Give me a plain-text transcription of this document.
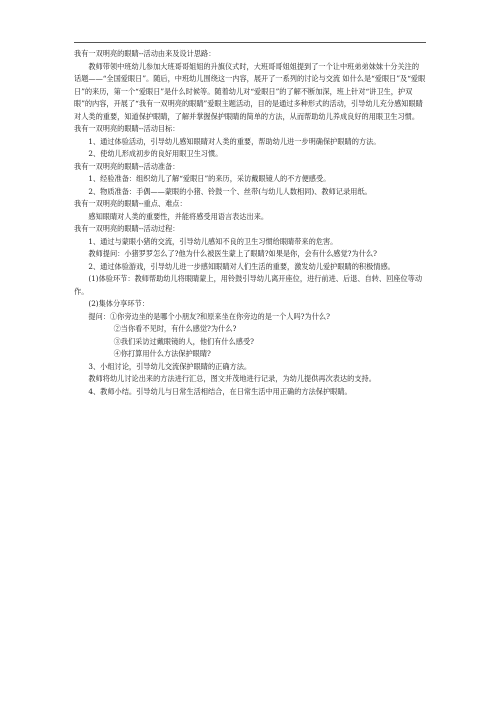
我有一双明亮的眼睛--活动由来及设计思路：

教师带领中班幼儿参加大班哥哥姐姐的升旗仪式时，大班哥哥姐姐提到了一个让中班弟弟妹妹十分关注的话题——“全国爱眼日”。随后，中班幼儿围绕这一内容，展开了一系列的讨论与交流 如什么是“爱眼日”及“爱眼日”的来历，第一个“爱眼日”是什么时候等。随着幼儿对“爱眼日”的了解不断加深，班上针对“讲卫生，护双眼”的内容，开展了“我有一双明亮的眼睛”爱眼主题活动，目的是通过多种形式的活动，引导幼儿充分感知眼睛对人类的重要，知道保护眼睛，了解并掌握保护眼睛的简单的方法，从而帮助幼儿养成良好的用眼卫生习惯。

我有一双明亮的眼睛--活动目标：

1、通过体验活动，引导幼儿感知眼睛对人类的重要，帮助幼儿进一步明确保护眼睛的方法。

2、使幼儿形成初步的良好用眼卫生习惯。

我有一双明亮的眼睛--活动准备：

1、经验准备：组织幼儿了解“爱眼日”的来历，采访戴眼镜人的不方便感受。

2、物质准备：手偶——蒙眼的小猪、铃鼓一个、丝带(与幼儿人数相同)、教师记录用纸。

我有一双明亮的眼睛--重点、难点：

感知眼睛对人类的重要性，并能将感受用语言表达出来。

我有一双明亮的眼睛--活动过程：

1、通过与蒙眼小猪的交流，引导幼儿感知不良的卫生习惯给眼睛带来的危害。

教师提问：小猪罗罗怎么了?他为什么被医生蒙上了眼睛?如果是你，会有什么感觉?为什么?

2、通过体验游戏，引导幼儿进一步感知眼睛对人们生活的重要，激发幼儿爱护眼睛的积极情感。

(1)体验环节：教师帮助幼儿将眼睛蒙上，用铃鼓引导幼儿离开座位，进行前进、后退、自转、回座位等动作。

(2)集体分享环节：

提问：①你旁边坐的是哪个小朋友?和原来坐在你旁边的是一个人吗?为什么?

②当你看不见时，有什么感觉?为什么?

③我们采访过戴眼镜的人，他们有什么感受?

④你打算用什么方法保护眼睛?

3、小组讨论，引导幼儿交流保护眼睛的正确方法。

教师将幼儿讨论出来的方法进行汇总，图文并茂地进行记录，为幼儿提供再次表达的支持。

4、教师小结。引导幼儿与日常生活相结合，在日常生活中用正确的方法保护眼睛。
